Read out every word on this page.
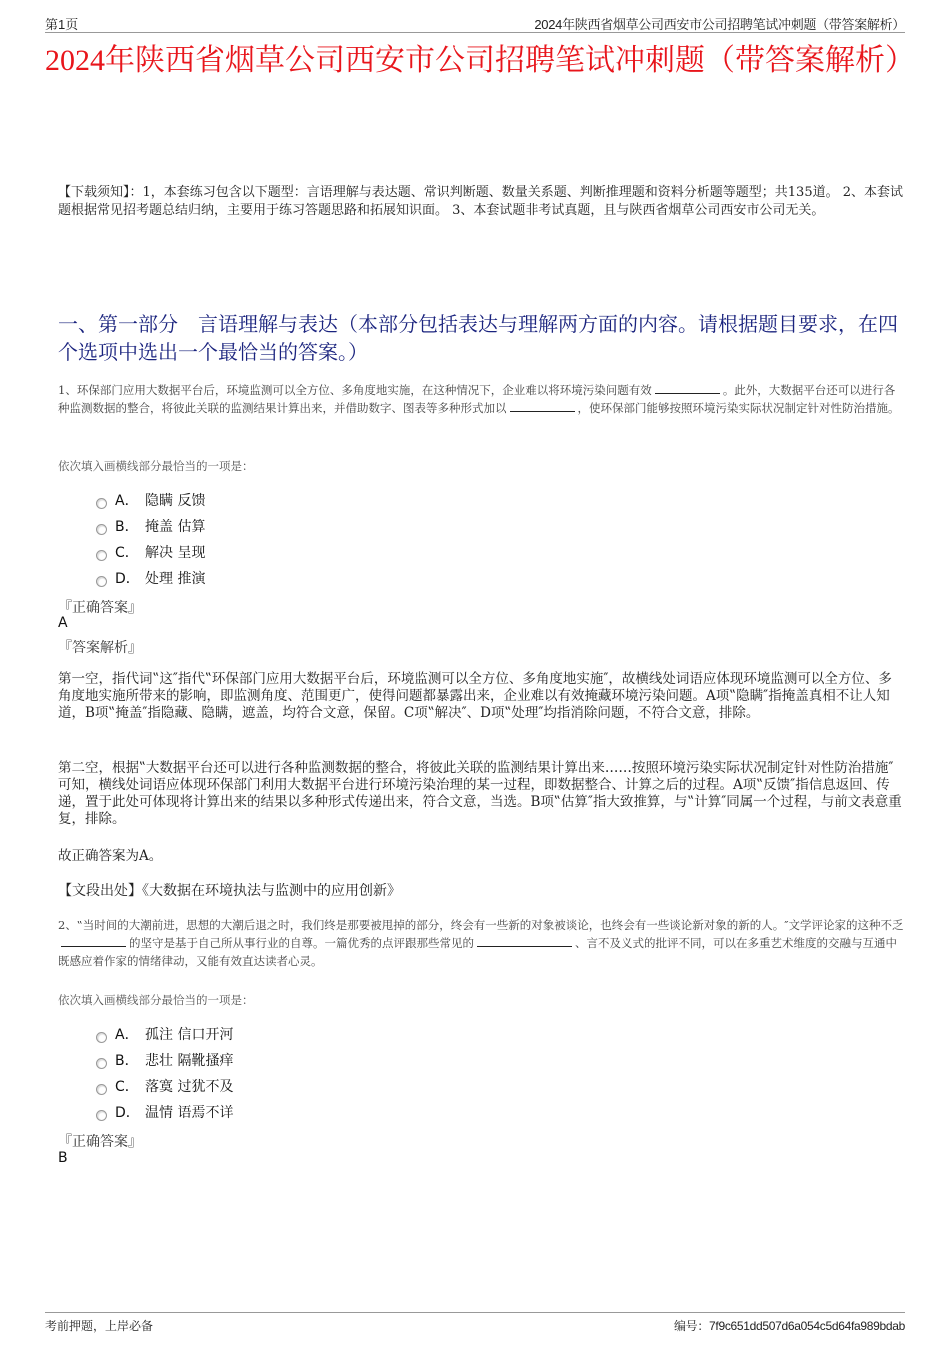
第1页	2024年陕西省烟草公司西安市公司招聘笔试冲刺题（带答案解析）
2024年陕西省烟草公司西安市公司招聘笔试冲刺题（带答案解析）
【下载须知】：1，本套练习包含以下题型：言语理解与表达题、常识判断题、数量关系题、判断推理题和资料分析题等题型；共135道。 2、本套试题根据常见招考题总结归纳，主要用于练习答题思路和拓展知识面。 3、本套试题非考试真题，且与陕西省烟草公司西安市公司无关。
一、第一部分　言语理解与表达（本部分包括表达与理解两方面的内容。请根据题目要求，在四个选项中选出一个最恰当的答案。）
1、环保部门应用大数据平台后，环境监测可以全方位、多角度地实施，在这种情况下，企业难以将环境污染问题有效	。此外，大数据平台还可以进行各种监测数据的整合，将彼此关联的监测结果计算出来，并借助数字、图表等多种形式加以	，使环保部门能够按照环境污染实际状况制定针对性防治措施。
依次填入画横线部分最恰当的一项是：
A． 隐瞒 反馈
B． 掩盖 估算
C． 解决 呈现
D． 处理 推演
『正确答案』
A
『答案解析』
第一空，指代词‟这″指代‟环保部门应用大数据平台后，环境监测可以全方位、多角度地实施″，故横线处词语应体现环境监测可以全方位、多角度地实施所带来的影响，即监测角度、范围更广，使得问题都暴露出来，企业难以有效掩藏环境污染问题。A项‟隐瞒″指掩盖真相不让人知道，B项‟掩盖″指隐藏、隐瞒，遮盖，均符合文意，保留。C项‟解决″、D项‟处理″均指消除问题，不符合文意，排除。
第二空，根据‟大数据平台还可以进行各种监测数据的整合，将彼此关联的监测结果计算出来……按照环境污染实际状况制定针对性防治措施″可知，横线处词语应体现环保部门利用大数据平台进行环境污染治理的某一过程，即数据整合、计算之后的过程。A项‟反馈″指信息返回、传递，置于此处可体现将计算出来的结果以多种形式传递出来，符合文意，当选。B项‟估算″指大致推算，与‟计算″同属一个过程，与前文表意重复，排除。
故正确答案为A。
【文段出处】《大数据在环境执法与监测中的应用创新》
2、‟当时间的大潮前进，思想的大潮后退之时，我们终是那要被甩掉的部分，终会有一些新的对象被谈论，也终会有一些谈论新对象的新的人。″文学评论家的这种不乏的坚守是基于自己所从事行业的自尊。一篇优秀的点评跟那些常见的	、言不及义式的批评不同，可以在多重艺术维度的交融与互通中既感应着作家的情绪律动，又能有效直达读者心灵。
依次填入画横线部分最恰当的一项是：
A． 孤注 信口开河
B． 悲壮 隔靴搔痒
C． 落寞 过犹不及
D． 温情 语焉不详
『正确答案』
B
考前押题，上岸必备	编号：7f9c651dd507d6a054c5d64fa989bdab
